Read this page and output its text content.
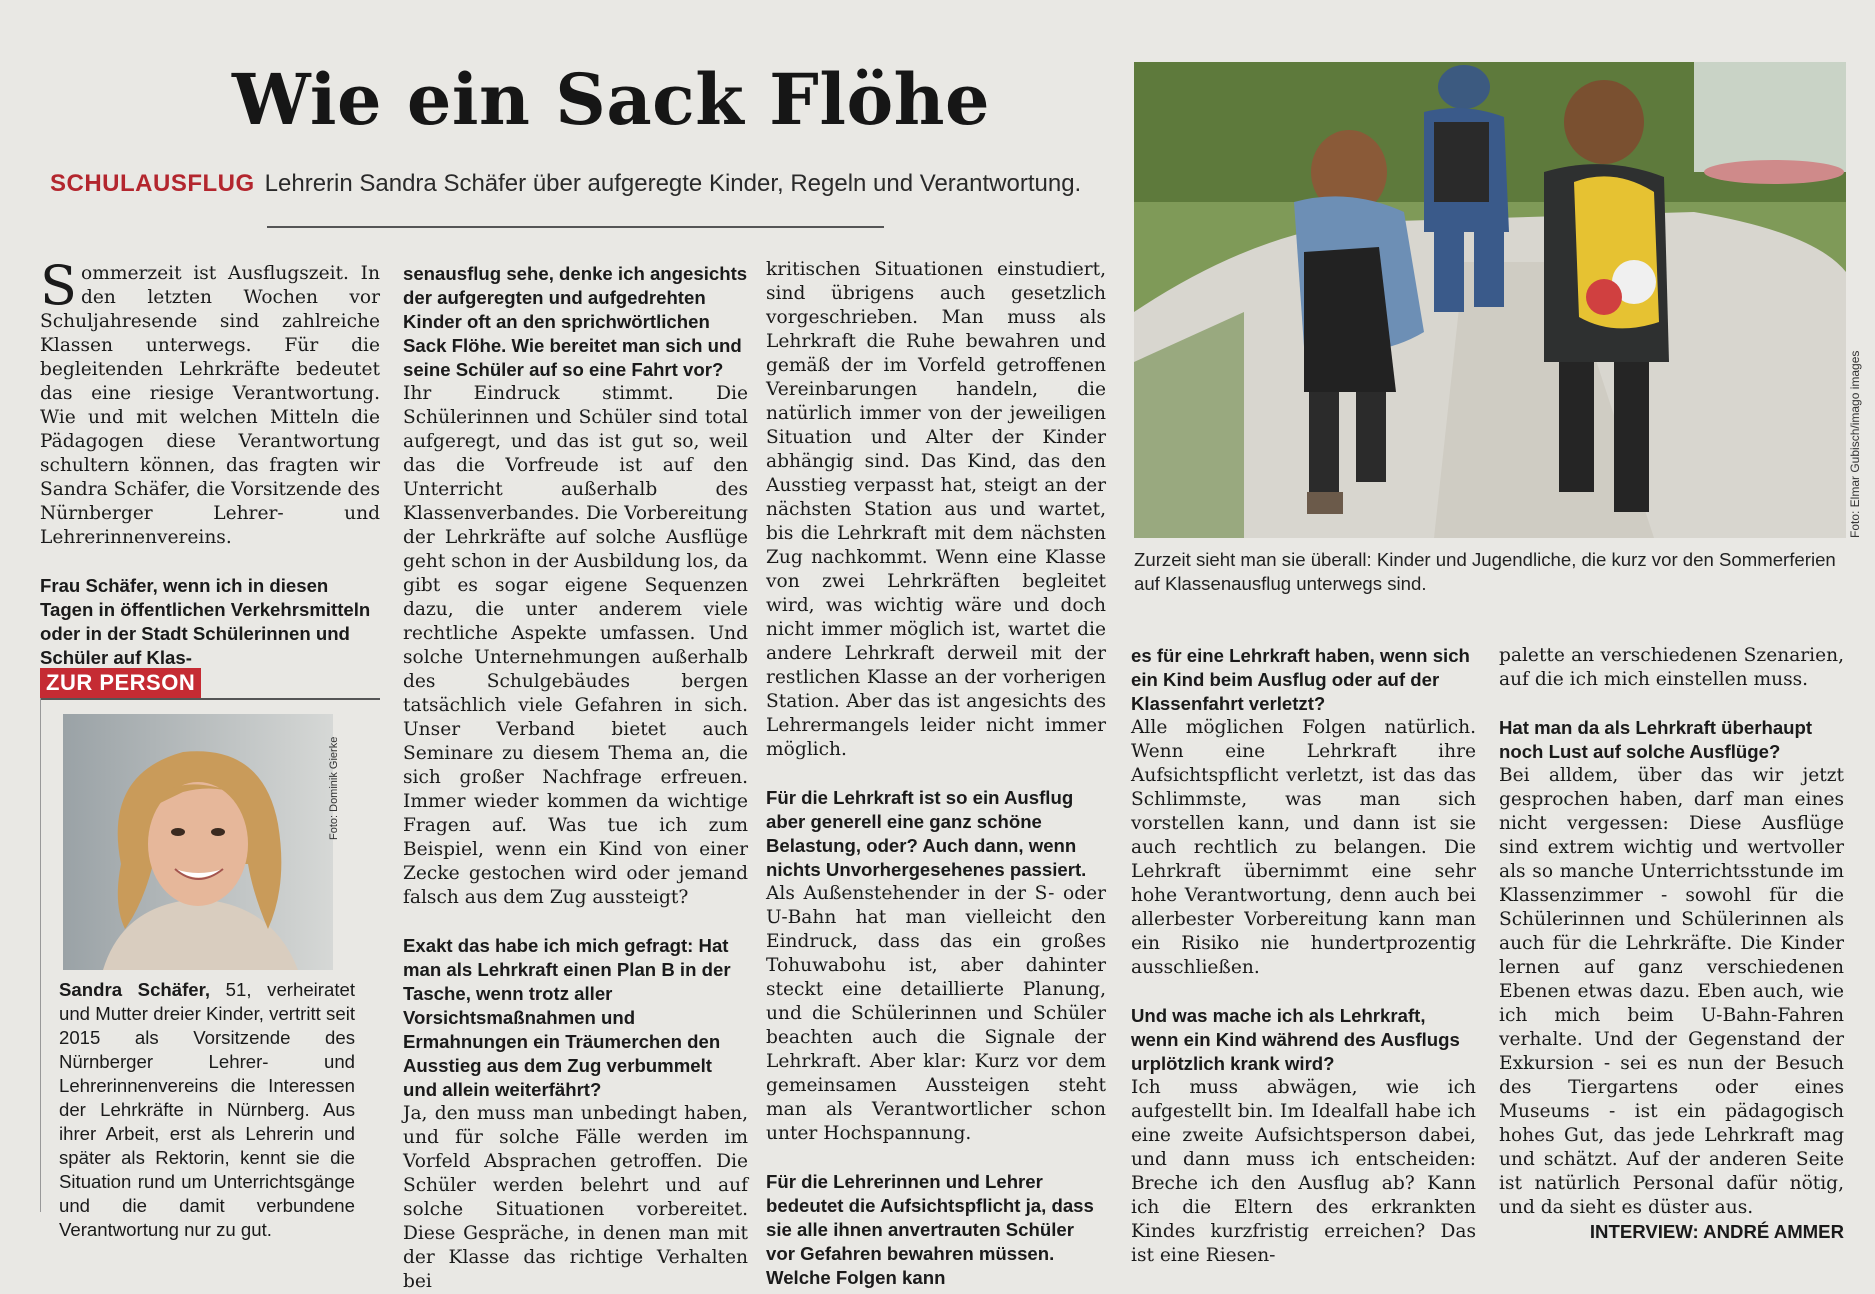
Wie ein Sack Flöhe
SCHULAUSFLUG Lehrerin Sandra Schäfer über aufgeregte Kinder, Regeln und Verantwortung.

Sommerzeit ist Ausflugszeit. In den letzten Wochen vor Schuljahresende sind zahlreiche Klassen unterwegs. Für die begleitenden Lehrkräfte bedeutet das eine riesige Verantwortung. Wie und mit welchen Mitteln die Pädagogen diese Verantwortung schultern können, das fragten wir Sandra Schäfer, die Vorsitzende des Nürnberger Lehrer- und Lehrerinnenvereins.

Frau Schäfer, wenn ich in diesen Tagen in öffentlichen Verkehrsmitteln oder in der Stadt Schülerinnen und Schüler auf Klas-

ZUR PERSON
Foto: Dominik Gierke
Sandra Schäfer, 51, verheiratet und Mutter dreier Kinder, vertritt seit 2015 als Vorsitzende des Nürnberger Lehrer- und Lehrerinnenvereins die Interessen der Lehrkräfte in Nürnberg. Aus ihrer Arbeit, erst als Lehrerin und später als Rektorin, kennt sie die Situation rund um Unterrichtsgänge und die damit verbundene Verantwortung nur zu gut.

senausflug sehe, denke ich angesichts der aufgeregten und aufgedrehten Kinder oft an den sprichwörtlichen Sack Flöhe. Wie bereitet man sich und seine Schüler auf so eine Fahrt vor?

Ihr Eindruck stimmt. Die Schülerinnen und Schüler sind total aufgeregt, und das ist gut so, weil das die Vorfreude ist auf den Unterricht außerhalb des Klassenverbandes. Die Vorbereitung der Lehrkräfte auf solche Ausflüge geht schon in der Ausbildung los, da gibt es sogar eigene Sequenzen dazu, die unter anderem viele rechtliche Aspekte umfassen. Und solche Unternehmungen außerhalb des Schulgebäudes bergen tatsächlich viele Gefahren in sich. Unser Verband bietet auch Seminare zu diesem Thema an, die sich großer Nachfrage erfreuen. Immer wieder kommen da wichtige Fragen auf. Was tue ich zum Beispiel, wenn ein Kind von einer Zecke gestochen wird oder jemand falsch aus dem Zug aussteigt?

Exakt das habe ich mich gefragt: Hat man als Lehrkraft einen Plan B in der Tasche, wenn trotz aller Vorsichtsmaßnahmen und Ermahnungen ein Träumerchen den Ausstieg aus dem Zug verbummelt und allein weiterfährt?

Ja, den muss man unbedingt haben, und für solche Fälle werden im Vorfeld Absprachen getroffen. Die Schüler werden belehrt und auf solche Situationen vorbereitet. Diese Gespräche, in denen man mit der Klasse das richtige Verhalten bei

kritischen Situationen einstudiert, sind übrigens auch gesetzlich vorgeschrieben. Man muss als Lehrkraft die Ruhe bewahren und gemäß der im Vorfeld getroffenen Vereinbarungen handeln, die natürlich immer von der jeweiligen Situation und Alter der Kinder abhängig sind. Das Kind, das den Ausstieg verpasst hat, steigt an der nächsten Station aus und wartet, bis die Lehrkraft mit dem nächsten Zug nachkommt. Wenn eine Klasse von zwei Lehrkräften begleitet wird, was wichtig wäre und doch nicht immer möglich ist, wartet die andere Lehrkraft derweil mit der restlichen Klasse an der vorherigen Station. Aber das ist angesichts des Lehrermangels leider nicht immer möglich.

Für die Lehrkraft ist so ein Ausflug aber generell eine ganz schöne Belastung, oder? Auch dann, wenn nichts Unvorhergesehenes passiert.

Als Außenstehender in der S- oder U-Bahn hat man vielleicht den Eindruck, dass das ein großes Tohuwabohu ist, aber dahinter steckt eine detaillierte Planung, und die Schülerinnen und Schüler beachten auch die Signale der Lehrkraft. Aber klar: Kurz vor dem gemeinsamen Aussteigen steht man als Verantwortlicher schon unter Hochspannung.

Für die Lehrerinnen und Lehrer bedeutet die Aufsichtspflicht ja, dass sie alle ihnen anvertrauten Schüler vor Gefahren bewahren müssen. Welche Folgen kann

Foto: Elmar Gubisch/imago images
Zurzeit sieht man sie überall: Kinder und Jugendliche, die kurz vor den Sommerferien auf Klassenausflug unterwegs sind.

es für eine Lehrkraft haben, wenn sich ein Kind beim Ausflug oder auf der Klassenfahrt verletzt?

Alle möglichen Folgen natürlich. Wenn eine Lehrkraft ihre Aufsichtspflicht verletzt, ist das das Schlimmste, was man sich vorstellen kann, und dann ist sie auch rechtlich zu belangen. Die Lehrkraft übernimmt eine sehr hohe Verantwortung, denn auch bei allerbester Vorbereitung kann man ein Risiko nie hundertprozentig ausschließen.

Und was mache ich als Lehrkraft, wenn ein Kind während des Ausflugs urplötzlich krank wird?

Ich muss abwägen, wie ich aufgestellt bin. Im Idealfall habe ich eine zweite Aufsichtsperson dabei, und dann muss ich entscheiden: Breche ich den Ausflug ab? Kann ich die Eltern des erkrankten Kindes kurzfristig erreichen? Das ist eine Riesen-

palette an verschiedenen Szenarien, auf die ich mich einstellen muss.

Hat man da als Lehrkraft überhaupt noch Lust auf solche Ausflüge?

Bei alldem, über das wir jetzt gesprochen haben, darf man eines nicht vergessen: Diese Ausflüge sind extrem wichtig und wertvoller als so manche Unterrichtsstunde im Klassenzimmer - sowohl für die Schülerinnen und Schülerinnen als auch für die Lehrkräfte. Die Kinder lernen auf ganz verschiedenen Ebenen etwas dazu. Eben auch, wie ich mich beim U-Bahn-Fahren verhalte. Und der Gegenstand der Exkursion - sei es nun der Besuch des Tiergartens oder eines Museums - ist ein pädagogisch hohes Gut, das jede Lehrkraft mag und schätzt. Auf der anderen Seite ist natürlich Personal dafür nötig, und da sieht es düster aus.
INTERVIEW: ANDRÉ AMMER
